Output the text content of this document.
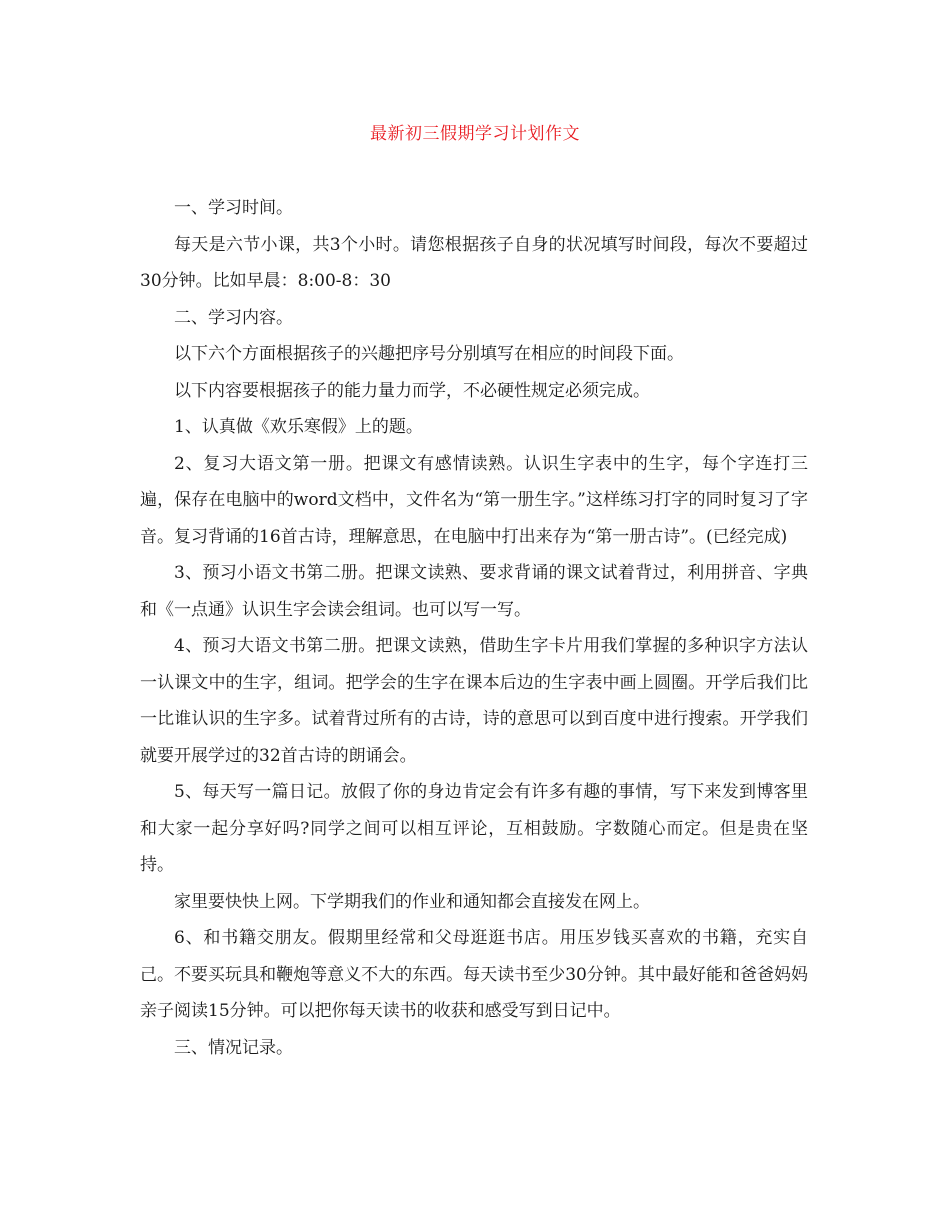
最新初三假期学习计划作文

一、学习时间。

每天是六节小课，共3个小时。请您根据孩子自身的状况填写时间段，每次不要超过30分钟。比如早晨：8:00-8：30

二、学习内容。

以下六个方面根据孩子的兴趣把序号分别填写在相应的时间段下面。

以下内容要根据孩子的能力量力而学，不必硬性规定必须完成。

1、认真做《欢乐寒假》上的题。

2、复习大语文第一册。把课文有感情读熟。认识生字表中的生字，每个字连打三遍，保存在电脑中的word文档中，文件名为“第一册生字。”这样练习打字的同时复习了字音。复习背诵的16首古诗，理解意思，在电脑中打出来存为“第一册古诗”。(已经完成)

3、预习小语文书第二册。把课文读熟、要求背诵的课文试着背过，利用拼音、字典和《一点通》认识生字会读会组词。也可以写一写。

4、预习大语文书第二册。把课文读熟，借助生字卡片用我们掌握的多种识字方法认一认课文中的生字，组词。把学会的生字在课本后边的生字表中画上圆圈。开学后我们比一比谁认识的生字多。试着背过所有的古诗，诗的意思可以到百度中进行搜索。开学我们就要开展学过的32首古诗的朗诵会。

5、每天写一篇日记。放假了你的身边肯定会有许多有趣的事情，写下来发到博客里和大家一起分享好吗?同学之间可以相互评论，互相鼓励。字数随心而定。但是贵在坚持。

家里要快快上网。下学期我们的作业和通知都会直接发在网上。

6、和书籍交朋友。假期里经常和父母逛逛书店。用压岁钱买喜欢的书籍，充实自己。不要买玩具和鞭炮等意义不大的东西。每天读书至少30分钟。其中最好能和爸爸妈妈亲子阅读15分钟。可以把你每天读书的收获和感受写到日记中。

三、情况记录。
